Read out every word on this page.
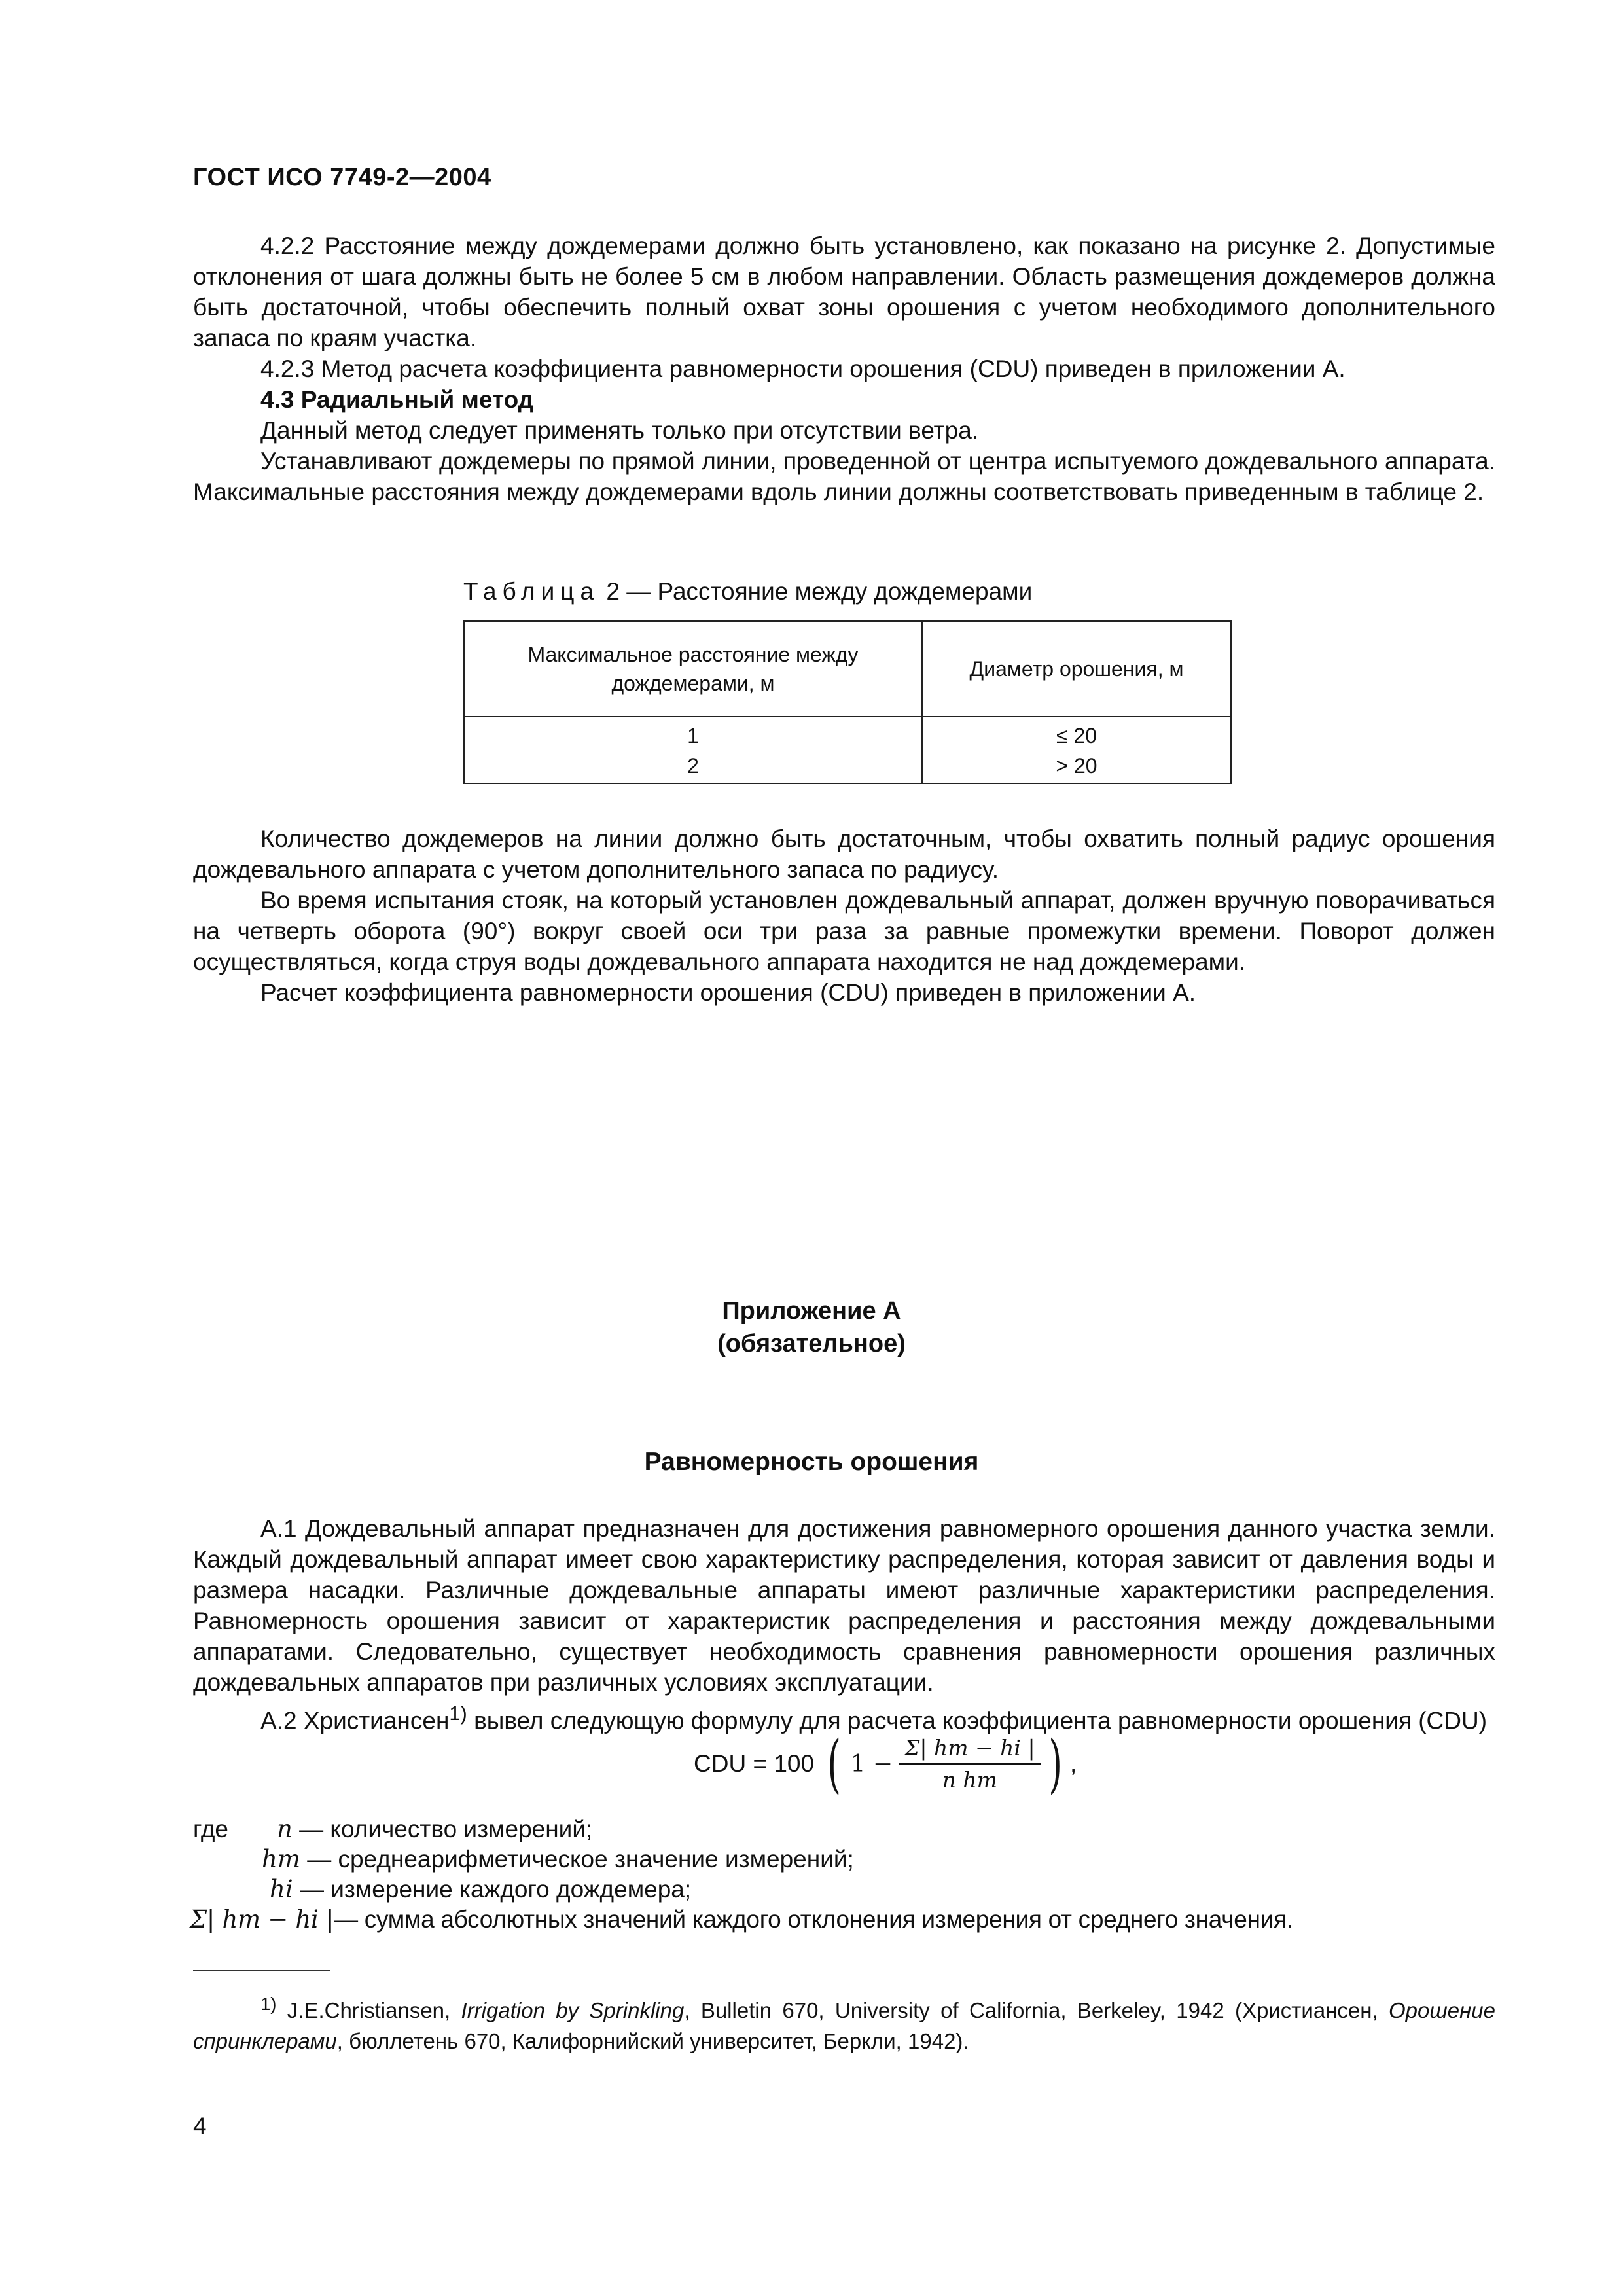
ГОСТ ИСО 7749-2—2004

4.2.2 Расстояние между дождемерами должно быть установлено, как показано на рисунке 2. Допустимые отклонения от шага должны быть не более 5 см в любом направлении. Область размещения дождемеров должна быть достаточной, чтобы обеспечить полный охват зоны орошения с учетом необходимого дополнительного запаса по краям участка.

4.2.3 Метод расчета коэффициента равномерности орошения (CDU) приведен в приложении А.

4.3 Радиальный метод

Данный метод следует применять только при отсутствии ветра.

Устанавливают дождемеры по прямой линии, проведенной от центра испытуемого дождевального аппарата. Максимальные расстояния между дождемерами вдоль линии должны соответствовать приведенным в таблице 2.

Таблица 2 — Расстояние между дождемерами
Максимальное расстояние между дождемерами, м	Диаметр орошения, м
1	≤ 20
2	> 20

Количество дождемеров на линии должно быть достаточным, чтобы охватить полный радиус орошения дождевального аппарата с учетом дополнительного запаса по радиусу.

Во время испытания стояк, на который установлен дождевальный аппарат, должен вручную поворачиваться на четверть оборота (90°) вокруг своей оси три раза за равные промежутки времени. Поворот должен осуществляться, когда струя воды дождевального аппарата находится не над дождемерами.

Расчет коэффициента равномерности орошения (CDU) приведен в приложении А.

Приложение А
(обязательное)
Равномерность орошения

А.1 Дождевальный аппарат предназначен для достижения равномерного орошения данного участка земли. Каждый дождевальный аппарат имеет свою характеристику распределения, которая зависит от давления воды и размера насадки. Различные дождевальные аппараты имеют различные характеристики распределения. Равномерность орошения зависит от характеристик распределения и расстояния между дождевальными аппаратами. Следовательно, существует необходимость сравнения равномерности орошения различных дождевальных аппаратов при различных условиях эксплуатации.

А.2 Христиансен$^{1)}$ вывел следующую формулу для расчета коэффициента равномерности орошения (CDU)

CDU = 100 ( $1 - \frac{\Sigma| hm - hi |}{\text{n hm}}$ ) ,
где n — количество измерений;
hm — среднеарифметическое значение измерений;
hi — измерение каждого дождемера;
Σ| hm − hi |— сумма абсолютных значений каждого отклонения измерения от среднего значения.

$^{1)}$ J.E.Christiansen, Irrigation by Sprinkling, Bulletin 670, University of California, Berkeley, 1942 (Христиансен, Орошение спринклерами, бюллетень 670, Калифорнийский университет, Беркли, 1942).

4
